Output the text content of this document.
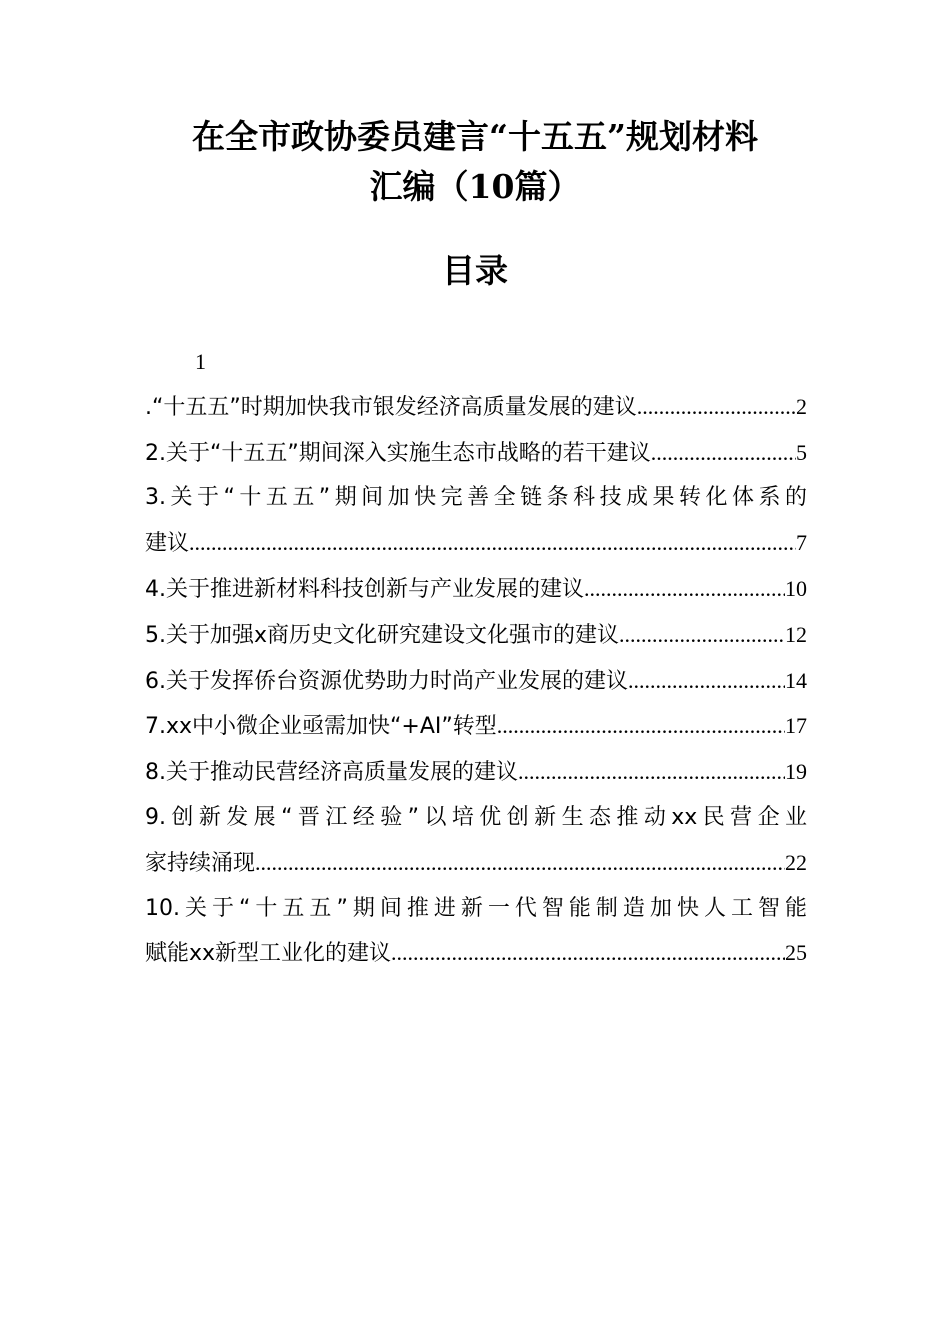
在全市政协委员建言“十五五”规划材料
汇编（10篇）
目录
1
.“十五五”时期加快我市银发经济高质量发展的建议 .....	2
2.关于“十五五”期间深入实施生态市战略的若干建议 .....	5
3.关于“十五五”期间加快完善全链条科技成果转化体系的
建议 .....	7
4.关于推进新材料科技创新与产业发展的建议 .....	10
5.关于加强x商历史文化研究建设文化强市的建议 .....	12
6.关于发挥侨台资源优势助力时尚产业发展的建议 .....	14
7.xx中小微企业亟需加快“+AI”转型 .....	17
8.关于推动民营经济高质量发展的建议 .....	19
9.创新发展“晋江经验”以培优创新生态推动xx民营企业
家持续涌现 .....	22
10.关于“十五五”期间推进新一代智能制造加快人工智能
赋能xx新型工业化的建议 .....	25
